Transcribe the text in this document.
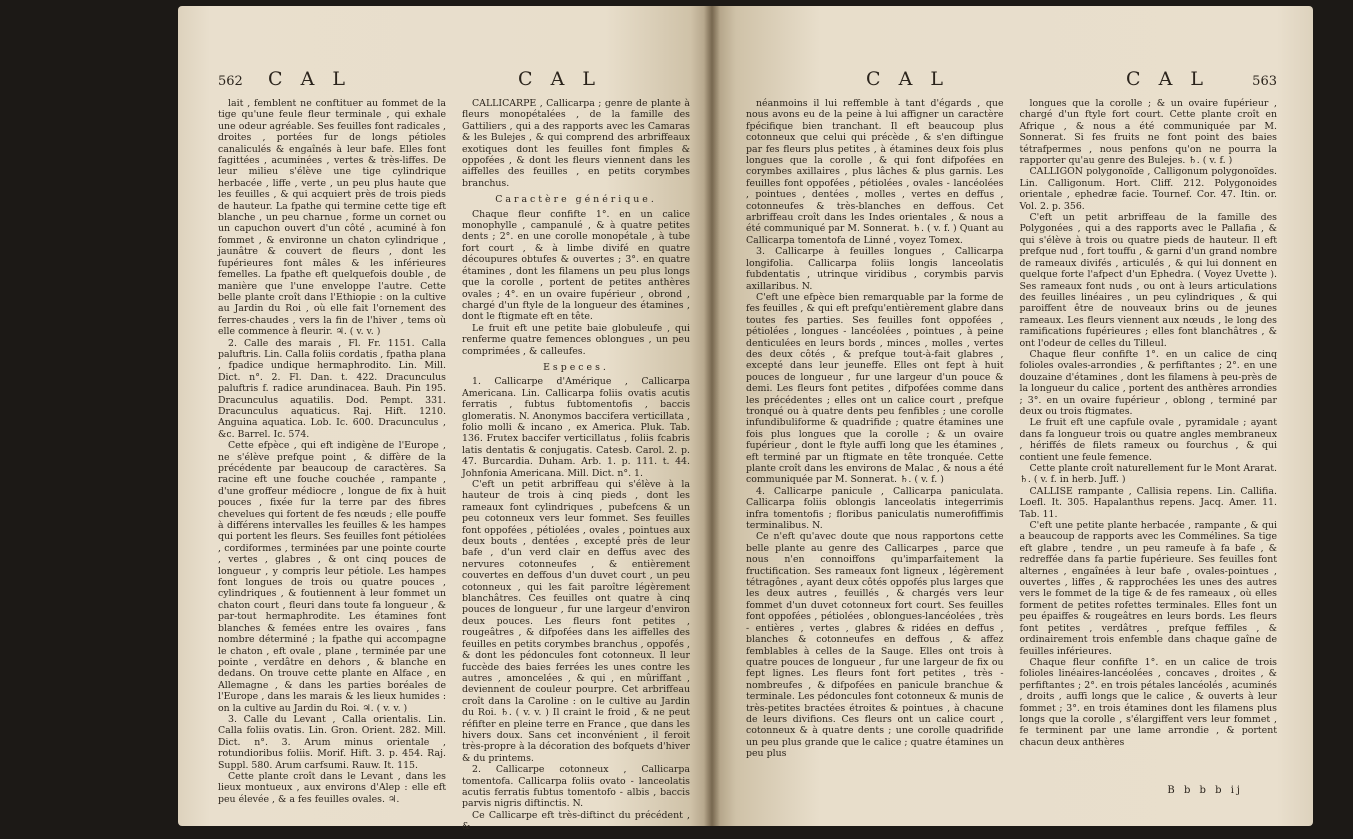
562 C A L	C A L

lait , femblent ne conftituer au fommet de la tige qu'une feule fleur terminale , qui exhale une odeur agréable. Ses feuilles font radicales , droites , portées fur de longs pétioles canaliculés & engaînés à leur bafe. Elles font fagittées , acuminées , vertes & très-liffes. De leur milieu s'élève une tige cylindrique herbacée , liffe , verte , un peu plus haute que les feuilles , & qui acquiert près de trois pieds de hauteur. La fpathe qui termine cette tige eft blanche , un peu charnue , forme un cornet ou un capuchon ouvert d'un côté , acuminé à fon fommet , & environne un chaton cylindrique , jaunâtre & couvert de fleurs , dont les fupérieures font mâles & les inférieures femelles. La fpathe eft quelquefois double , de manière que l'une enveloppe l'autre. Cette belle plante croît dans l'Ethiopie : on la cultive au Jardin du Roi , où elle fait l'ornement des ferres-chaudes , vers la fin de l'hiver , tems où elle commence à fleurir. ♃. ( v. v. )

2. Calle des marais , Fl. Fr. 1151. Calla paluftris. Lin. Calla foliis cordatis , fpatha plana , fpadice undique hermaphrodito. Lin. Mill. Dict. n°. 2. Fl. Dan. t. 422. Dracunculus paluftris f. radice arundinacea. Bauh. Pin 195. Dracunculus aquatilis. Dod. Pempt. 331. Dracunculus aquaticus. Raj. Hift. 1210. Anguina aquatica. Lob. Ic. 600. Dracunculus , &c. Barrel. Ic. 574.

Cette efpèce , qui eft indigène de l'Europe , ne s'élève prefque point , & diffère de la précédente par beaucoup de caractères. Sa racine eft une fouche couchée , rampante , d'une groffeur médiocre , longue de fix à huit pouces , fixée fur la terre par des fibres chevelues qui fortent de fes nœuds ; elle pouffe à différens intervalles les feuilles & les hampes qui portent les fleurs. Ses feuilles font pétiolées , cordiformes , terminées par une pointe courte , vertes , glabres , & ont cinq pouces de longueur , y compris leur pétiole. Les hampes font longues de trois ou quatre pouces , cylindriques , & foutiennent à leur fommet un chaton court , fleuri dans toute fa longueur , & par-tout hermaphrodite. Les étamines font blanches & femées entre les ovaires , fans nombre déterminé ; la fpathe qui accompagne le chaton , eft ovale , plane , terminée par une pointe , verdâtre en dehors , & blanche en dedans. On trouve cette plante en Alface , en Allemagne , & dans les parties boréales de l'Europe , dans les marais & les lieux humides : on la cultive au Jardin du Roi. ♃. ( v. v. )

3. Calle du Levant , Calla orientalis. Lin. Calla foliis ovatis. Lin. Gron. Orient. 282. Mill. Dict. n°. 3. Arum minus orientale , rotundioribus foliis. Morif. Hift. 3. p. 454. Raj. Suppl. 580. Arum carfsumi. Rauw. It. 115.

Cette plante croît dans le Levant , dans les lieux montueux , aux environs d'Alep : elle eft peu élevée , & a fes feuilles ovales. ♃.

CALLICARPE , Callicarpa ; genre de plante à fleurs monopétalées , de la famille des Gattiliers , qui a des rapports avec les Camaras & les Bulejes , & qui comprend des arbriffeaux exotiques dont les feuilles font fimples & oppofées , & dont les fleurs viennent dans les aiffelles des feuilles , en petits corymbes branchus.

Caractère générique.

Chaque fleur confifte 1°. en un calice monophylle , campanulé , & à quatre petites dents ; 2°. en une corolle monopétale , à tube fort court , & à limbe divifé en quatre découpures obtufes & ouvertes ; 3°. en quatre étamines , dont les filamens un peu plus longs que la corolle , portent de petites anthères ovales ; 4°. en un ovaire fupérieur , obrond , chargé d'un ftyle de la longueur des étamines , dont le ftigmate eft en tête.

Le fruit eft une petite baie globuleufe , qui renferme quatre femences oblongues , un peu comprimées , & calleufes.

Especes.

1. Callicarpe d'Amérique , Callicarpa Americana. Lin. Callicarpa foliis ovatis acutis ferratis , fubtus fubtomentofis , baccis glomeratis. N. Anonymos baccifera verticillata , folio molli & incano , ex America. Pluk. Tab. 136. Frutex baccifer verticillatus , foliis fcabris latis dentatis & conjugatis. Catesb. Carol. 2. p. 47. Burcardia. Duham. Arb. 1. p. 111. t. 44. Johnfonia Americana. Mill. Dict. n°. 1.

C'eft un petit arbriffeau qui s'élève à la hauteur de trois à cinq pieds , dont les rameaux font cylindriques , pubefcens & un peu cotonneux vers leur fommet. Ses feuilles font oppofées , pétiolées , ovales , pointues aux deux bouts , dentées , excepté près de leur bafe , d'un verd clair en deffus avec des nervures cotonneufes , & entièrement couvertes en deffous d'un duvet court , un peu cotonneux , qui les fait paroître légèrement blanchâtres. Ces feuilles ont quatre à cinq pouces de longueur , fur une largeur d'environ deux pouces. Les fleurs font petites , rougeâtres , & difpofées dans les aiffelles des feuilles en petits corymbes branchus , oppofés , & dont les pédoncules font cotonneux. Il leur fuccède des baies ferrées les unes contre les autres , amoncelées , & qui , en mûriffant , deviennent de couleur pourpre. Cet arbriffeau croît dans la Caroline : on le cultive au Jardin du Roi. ♄. ( v. v. ) Il craint le froid , & ne peut réfifter en pleine terre en France , que dans les hivers doux. Sans cet inconvénient , il feroit très-propre à la décoration des bofquets d'hiver & du printems.

2. Callicarpe cotonneux , Callicarpa tomentofa. Callicarpa foliis ovato - lanceolatis acutis ferratis fubtus tomentofo - albis , baccis parvis nigris diftinctis. N.

Ce Callicarpe eft très-diftinct du précédent , &

C A L	C A L	563

néanmoins il lui reffemble à tant d'égards , que nous avons eu de la peine à lui affigner un caractère fpécifique bien tranchant. Il eft beaucoup plus cotonneux que celui qui précède , & s'en diftingue par fes fleurs plus petites , à étamines deux fois plus longues que la corolle , & qui font difpofées en corymbes axillaires , plus lâches & plus garnis. Les feuilles font oppofées , pétiolées , ovales - lancéolées , pointues , dentées , molles , vertes en deffus , cotonneufes & très-blanches en deffous. Cet arbriffeau croît dans les Indes orientales , & nous a été communiqué par M. Sonnerat. ♄. ( v. f. ) Quant au Callicarpa tomentofa de Linné , voyez Tomex.

3. Callicarpe à feuilles longues , Callicarpa longifolia. Callicarpa foliis longis lanceolatis fubdentatis , utrinque viridibus , corymbis parvis axillaribus. N.

C'eft une efpèce bien remarquable par la forme de fes feuilles , & qui eft prefqu'entièrement glabre dans toutes fes parties. Ses feuilles font oppofées , pétiolées , longues - lancéolées , pointues , à peine denticulées en leurs bords , minces , molles , vertes des deux côtés , & prefque tout-à-fait glabres , excepté dans leur jeuneffe. Elles ont fept à huit pouces de longueur , fur une largeur d'un pouce & demi. Les fleurs font petites , difpofées comme dans les précédentes ; elles ont un calice court , prefque tronqué ou à quatre dents peu fenfibles ; une corolle infundibuliforme & quadrifide ; quatre étamines une fois plus longues que la corolle ; & un ovaire fupérieur , dont le ftyle auffi long que les étamines , eft terminé par un ftigmate en tête tronquée. Cette plante croît dans les environs de Malac , & nous a été communiquée par M. Sonnerat. ♄. ( v. f. )

4. Callicarpe panicule , Callicarpa paniculata. Callicarpa foliis oblongis lanceolatis integerrimis infra tomentofis ; floribus paniculatis numerofiffimis terminalibus. N.

Ce n'eft qu'avec doute que nous rapportons cette belle plante au genre des Callicarpes , parce que nous n'en connoiffons qu'imparfaitement la fructification. Ses rameaux font ligneux , légèrement tétragônes , ayant deux côtés oppofés plus larges que les deux autres , feuillés , & chargés vers leur fommet d'un duvet cotonneux fort court. Ses feuilles font oppofées , pétiolées , oblongues-lancéolées , très - entières , vertes , glabres & ridées en deffus , blanches & cotonneufes en deffous , & affez femblables à celles de la Sauge. Elles ont trois à quatre pouces de longueur , fur une largeur de fix ou fept lignes. Les fleurs font fort petites , très - nombreufes , & difpofées en panicule branchue & terminale. Les pédoncules font cotonneux & munis de très-petites bractées étroites & pointues , à chacune de leurs divifions. Ces fleurs ont un calice court , cotonneux & à quatre dents ; une corolle quadrifide un peu plus grande que le calice ; quatre étamines un peu plus

longues que la corolle ; & un ovaire fupérieur , chargé d'un ftyle fort court. Cette plante croît en Afrique , & nous a été communiquée par M. Sonnerat. Si fes fruits ne font point des baies tétrafpermes , nous penfons qu'on ne pourra la rapporter qu'au genre des Bulejes. ♄. ( v. f. )

CALLIGON polygonoïde , Calligonum polygonoïdes. Lin. Calligonum. Hort. Cliff. 212. Polygonoides orientale , ephedræ facie. Tournef. Cor. 47. Itin. or. Vol. 2. p. 356.

C'eft un petit arbriffeau de la famille des Polygonées , qui a des rapports avec le Pallafia , & qui s'élève à trois ou quatre pieds de hauteur. Il eft prefque nud , fort touffu , & garni d'un grand nombre de rameaux divifés , articulés , & qui lui donnent en quelque forte l'afpect d'un Ephedra. ( Voyez Uvette ). Ses rameaux font nuds , ou ont à leurs articulations des feuilles linéaires , un peu cylindriques , & qui paroiffent être de nouveaux brins ou de jeunes rameaux. Les fleurs viennent aux nœuds , le long des ramifications fupérieures ; elles font blanchâtres , & ont l'odeur de celles du Tilleul.

Chaque fleur confifte 1°. en un calice de cinq folioles ovales-arrondies , & perfiftantes ; 2°. en une douzaine d'étamines , dont les filamens à peu-près de la longueur du calice , portent des anthères arrondies ; 3°. en un ovaire fupérieur , oblong , terminé par deux ou trois ftigmates.

Le fruit eft une capfule ovale , pyramidale ; ayant dans fa longueur trois ou quatre angles membraneux , hériffés de filets rameux ou fourchus , & qui contient une feule femence.

Cette plante croît naturellement fur le Mont Ararat. ♄. ( v. f. in herb. Juff. )

CALLISE rampante , Callisia repens. Lin. Callifia. Loefl. It. 305. Hapalanthus repens. Jacq. Amer. 11. Tab. 11.

C'eft une petite plante herbacée , rampante , & qui a beaucoup de rapports avec les Commélines. Sa tige eft glabre , tendre , un peu rameufe à fa bafe , & redreffée dans fa partie fupérieure. Ses feuilles font alternes , engaînées à leur bafe , ovales-pointues , ouvertes , liffes , & rapprochées les unes des autres vers le fommet de la tige & de fes rameaux , où elles forment de petites rofettes terminales. Elles font un peu épaiffes & rougeâtres en leurs bords. Les fleurs font petites , verdâtres , prefque feffiles , & ordinairement trois enfemble dans chaque gaîne de feuilles inférieures.

Chaque fleur confifte 1°. en un calice de trois folioles linéaires-lancéolées , concaves , droites , & perfiftantes ; 2°. en trois pétales lancéolés , acuminés , droits , auffi longs que le calice , & ouverts à leur fommet ; 3°. en trois étamines dont les filamens plus longs que la corolle , s'élargiffent vers leur fommet , fe terminent par une lame arrondie , & portent chacun deux anthères

B b b b ij
